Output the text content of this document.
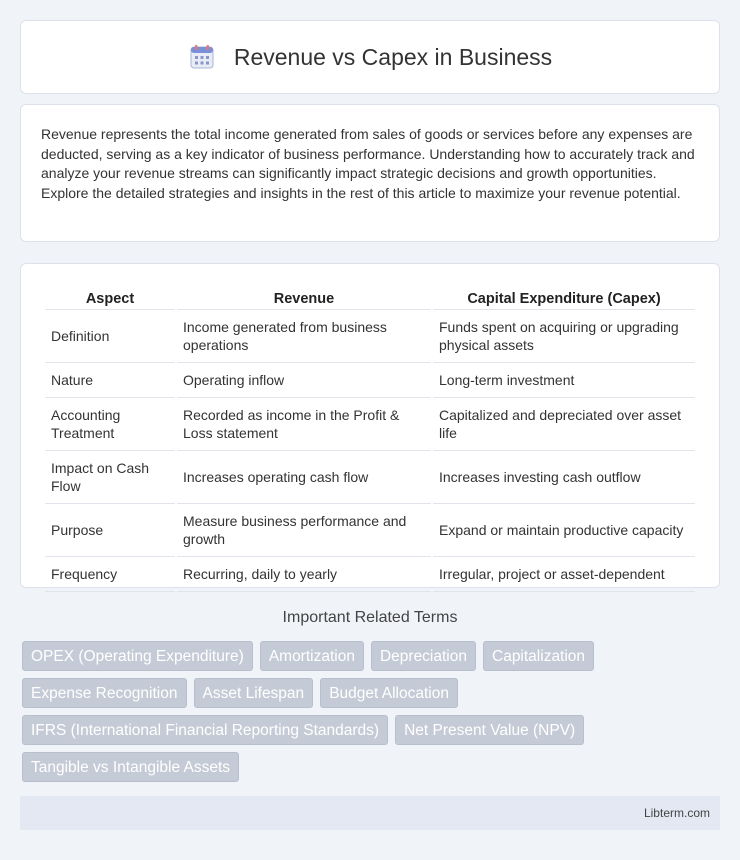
Revenue vs Capex in Business

Revenue represents the total income generated from sales of goods or services before any expenses are deducted, serving as a key indicator of business performance. Understanding how to accurately track and analyze your revenue streams can significantly impact strategic decisions and growth opportunities. Explore the detailed strategies and insights in the rest of this article to maximize your revenue potential.

Aspect	Revenue	Capital Expenditure (Capex)
Definition	Income generated from business operations	Funds spent on acquiring or upgrading physical assets
Nature	Operating inflow	Long-term investment
Accounting Treatment	Recorded as income in the Profit & Loss statement	Capitalized and depreciated over asset life
Impact on Cash Flow	Increases operating cash flow	Increases investing cash outflow
Purpose	Measure business performance and growth	Expand or maintain productive capacity
Frequency	Recurring, daily to yearly	Irregular, project or asset-dependent
Important Related Terms
OPEX (Operating Expenditure)	Amortization	Depreciation	Capitalization
Expense Recognition	Asset Lifespan	Budget Allocation
IFRS (International Financial Reporting Standards)	Net Present Value (NPV)
Tangible vs Intangible Assets
Libterm.com
